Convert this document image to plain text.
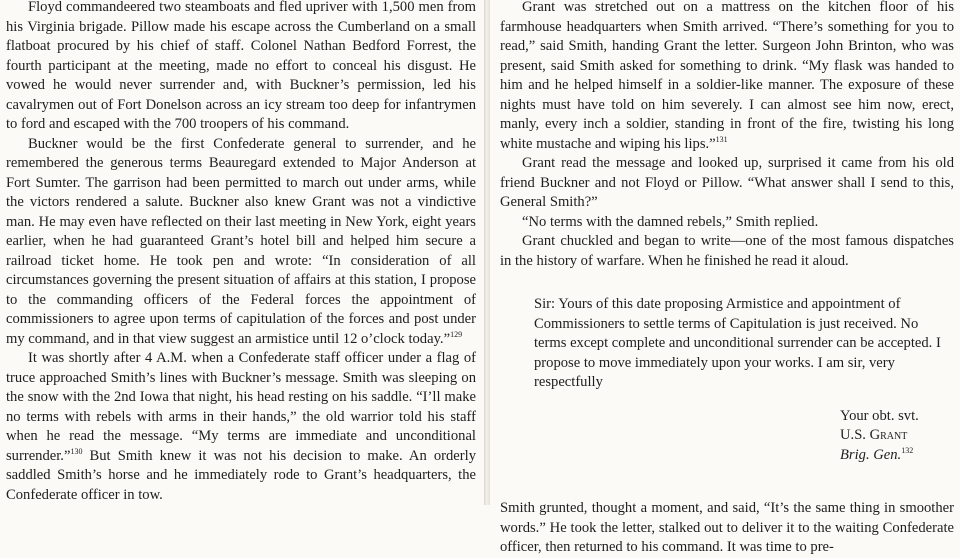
Floyd commandeered two steamboats and fled upriver with 1,500 men from his Virginia brigade. Pillow made his escape across the Cumberland on a small flatboat procured by his chief of staff. Colonel Nathan Bedford Forrest, the fourth participant at the meeting, made no effort to conceal his disgust. He vowed he would never surrender and, with Buckner’s permission, led his cavalrymen out of Fort Donelson across an icy stream too deep for infantrymen to ford and escaped with the 700 troopers of his command.

Buckner would be the first Confederate general to surrender, and he remembered the generous terms Beauregard extended to Major Anderson at Fort Sumter. The garrison had been permitted to march out under arms, while the victors rendered a salute. Buckner also knew Grant was not a vindictive man. He may even have reflected on their last meeting in New York, eight years earlier, when he had guaranteed Grant’s hotel bill and helped him secure a railroad ticket home. He took pen and wrote: “In consideration of all circumstances governing the present situation of affairs at this station, I propose to the commanding officers of the Federal forces the appointment of commissioners to agree upon terms of capitulation of the forces and post under my command, and in that view suggest an armistice until 12 o’clock today.”$^{129}$

It was shortly after 4 A.M. when a Confederate staff officer under a flag of truce approached Smith’s lines with Buckner’s message. Smith was sleeping on the snow with the 2nd Iowa that night, his head resting on his saddle. “I’ll make no terms with rebels with arms in their hands,” the old warrior told his staff when he read the message. “My terms are immediate and unconditional surrender.”$^{130}$ But Smith knew it was not his decision to make. An orderly saddled Smith’s horse and he immediately rode to Grant’s headquarters, the Confederate officer in tow.

Grant was stretched out on a mattress on the kitchen floor of his farmhouse headquarters when Smith arrived. “There’s something for you to read,” said Smith, handing Grant the letter. Surgeon John Brinton, who was present, said Smith asked for something to drink. “My flask was handed to him and he helped himself in a soldier-like manner. The exposure of these nights must have told on him severely. I can almost see him now, erect, manly, every inch a soldier, standing in front of the fire, twisting his long white mustache and wiping his lips.”$^{131}$

Grant read the message and looked up, surprised it came from his old friend Buckner and not Floyd or Pillow. “What answer shall I send to this, General Smith?”

“No terms with the damned rebels,” Smith replied.

Grant chuckled and began to write—one of the most famous dispatches in the history of warfare. When he finished he read it aloud.

Sir: Yours of this date proposing Armistice and appointment of Commissioners to settle terms of Capitulation is just received. No terms except complete and unconditional surrender can be accepted. I propose to move immediately upon your works. I am sir, very respectfully
Your obt. svt.
U.S. Grant
Brig. Gen.$^{132}$

Smith grunted, thought a moment, and said, “It’s the same thing in smoother words.” He took the letter, stalked out to deliver it to the waiting Confederate officer, then returned to his command. It was time to pre-
